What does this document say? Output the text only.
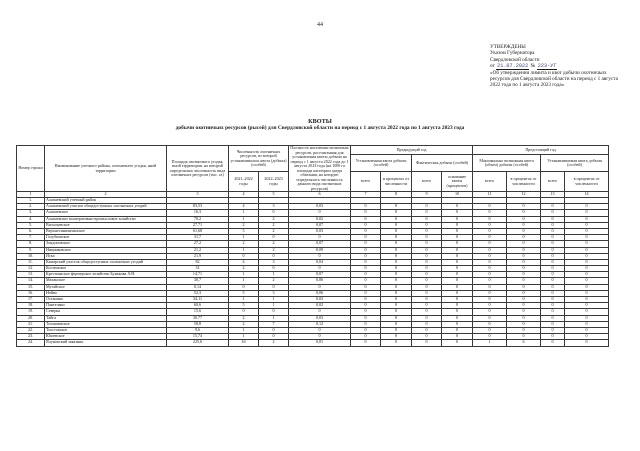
44
УТВЕРЖДЕНЫ
Указом Губернатора
Свердловской области
от 21.07.2022 № 223-УГ
«Об утверждении лимита и квот добычи охотничьих ресурсов для Свердловской области на период с 1 августа 2022 года по 1 августа 2023 года»
КВОТЫ
добычи охотничьих ресурсов (рысей) для Свердловской области на период с 1 августа 2022 года по 1 августа 2023 года
Номер строки	Наименование учетного района, охотничьего угодья, иной территории	Площадь охотничьего угодья, иной территории, на которой определялась численность вида охотничьих ресурсов (тыс. га)	Численность охотничьих ресурсов, из которой устанавливалась квота (добыча) (особей)		Плотность населения охотничьих ресурсов, рассчитанная для установления квоты добычи на период с 1 августа 2022 года до 1 августа 2023 года (на 1000 га площади категории среды обитания, на которую определялась численность данного вида охотничьих ресурсов)	Предыдущий год				Предстоящий год			
						Установленная квота добычи (особей)		Фактическая добыча (особей)		Максимально возможная квота (объем) добычи (особей)		Устанавливаемая квота добычи (особей)	
			2021–2022 годы	2022–2023 годы		всего	в процентах от численности	всего	основание квоты (процентов)	всего	в процентах от численности	всего	в процентах от численности
1	2	3	4	5	6	7	8	9	10	11	12	13	14
1.	Алапаевский учетный район												
2.	Алапаевский участок общедоступных охотничьих угодий	83,53	4	3	0,03	0	0	0	0	0	0	0	0
3.	Алапаевское	16,3	1	0	0	0	0	0	0	0	0	0	0
4.	Алапаевское кооперативно-промысловое хозяйство	78,2	1	2	0,02	0	0	0	0	0	0	0	0
5.	Васильевское	27,71	2	2	0,07	0	0	0	0	0	0	0	0
6.	Верхнесинячихинское	61,68	5	2	0,03	0	0	0	0	0	0	0	0
7.	Голубковское	31,7	1	0	0	0	0	0	0	0	0	0	0
8.	Зондоновское	27,2	2	2	0,07	0	0	0	0	0	0	0	0
9.	Ницинковское	21,2	1	2	0,09	0	0	0	0	0	0	0	0
10.	Иска	21,9	0	0	0	0	0	0	0	0	0	0	0
11.	Камарский участок общедоступных охотничьих угодий	82	4	3	0,04	0	0	0	0	0	0	0	0
12.	Костинское	31	2	0	0	0	0	0	0	0	0	0	0
13.	Крестьянское фермерское хозяйство Бунькова А.Н.	14,71	1	1	0,07	0	0	0	0	0	0	0	0
14.	Маханское	30,7	1	2	0,06	0	0	0	0	0	0	0	0
15.	Мугайское	0,14	0	0	0	0	0	0	0	0	0	0	0
16.	Нейва	52,3	5	3	0,06	0	0	0	0	0	0	0	0
17.	Останино	34,11	1	1	0,03	0	0	0	0	0	0	0	0
18.	Пантелаки	60,6	5	1	0,02	0	0	0	0	0	0	0	0
19.	Северка	15,6	0	0	0	0	0	0	0	0	0	0	0
20.	Тайга	30,77	2	1	0,03	0	0	0	0	0	0	0	0
21.	Толмачевское	58,8	2	7	0,12	0	0	0	0	0	0	0	0
22.	Толстовское	9,6	1	0	0	0	0	0	0	0	0	0	0
23.	Юшевское	15,74	1	0	0	0	0	0	0	0	0	0	0
24.	Ялуновский заказник	225,6	16	2	0,01	0	0	0	0	1	6	0	0
